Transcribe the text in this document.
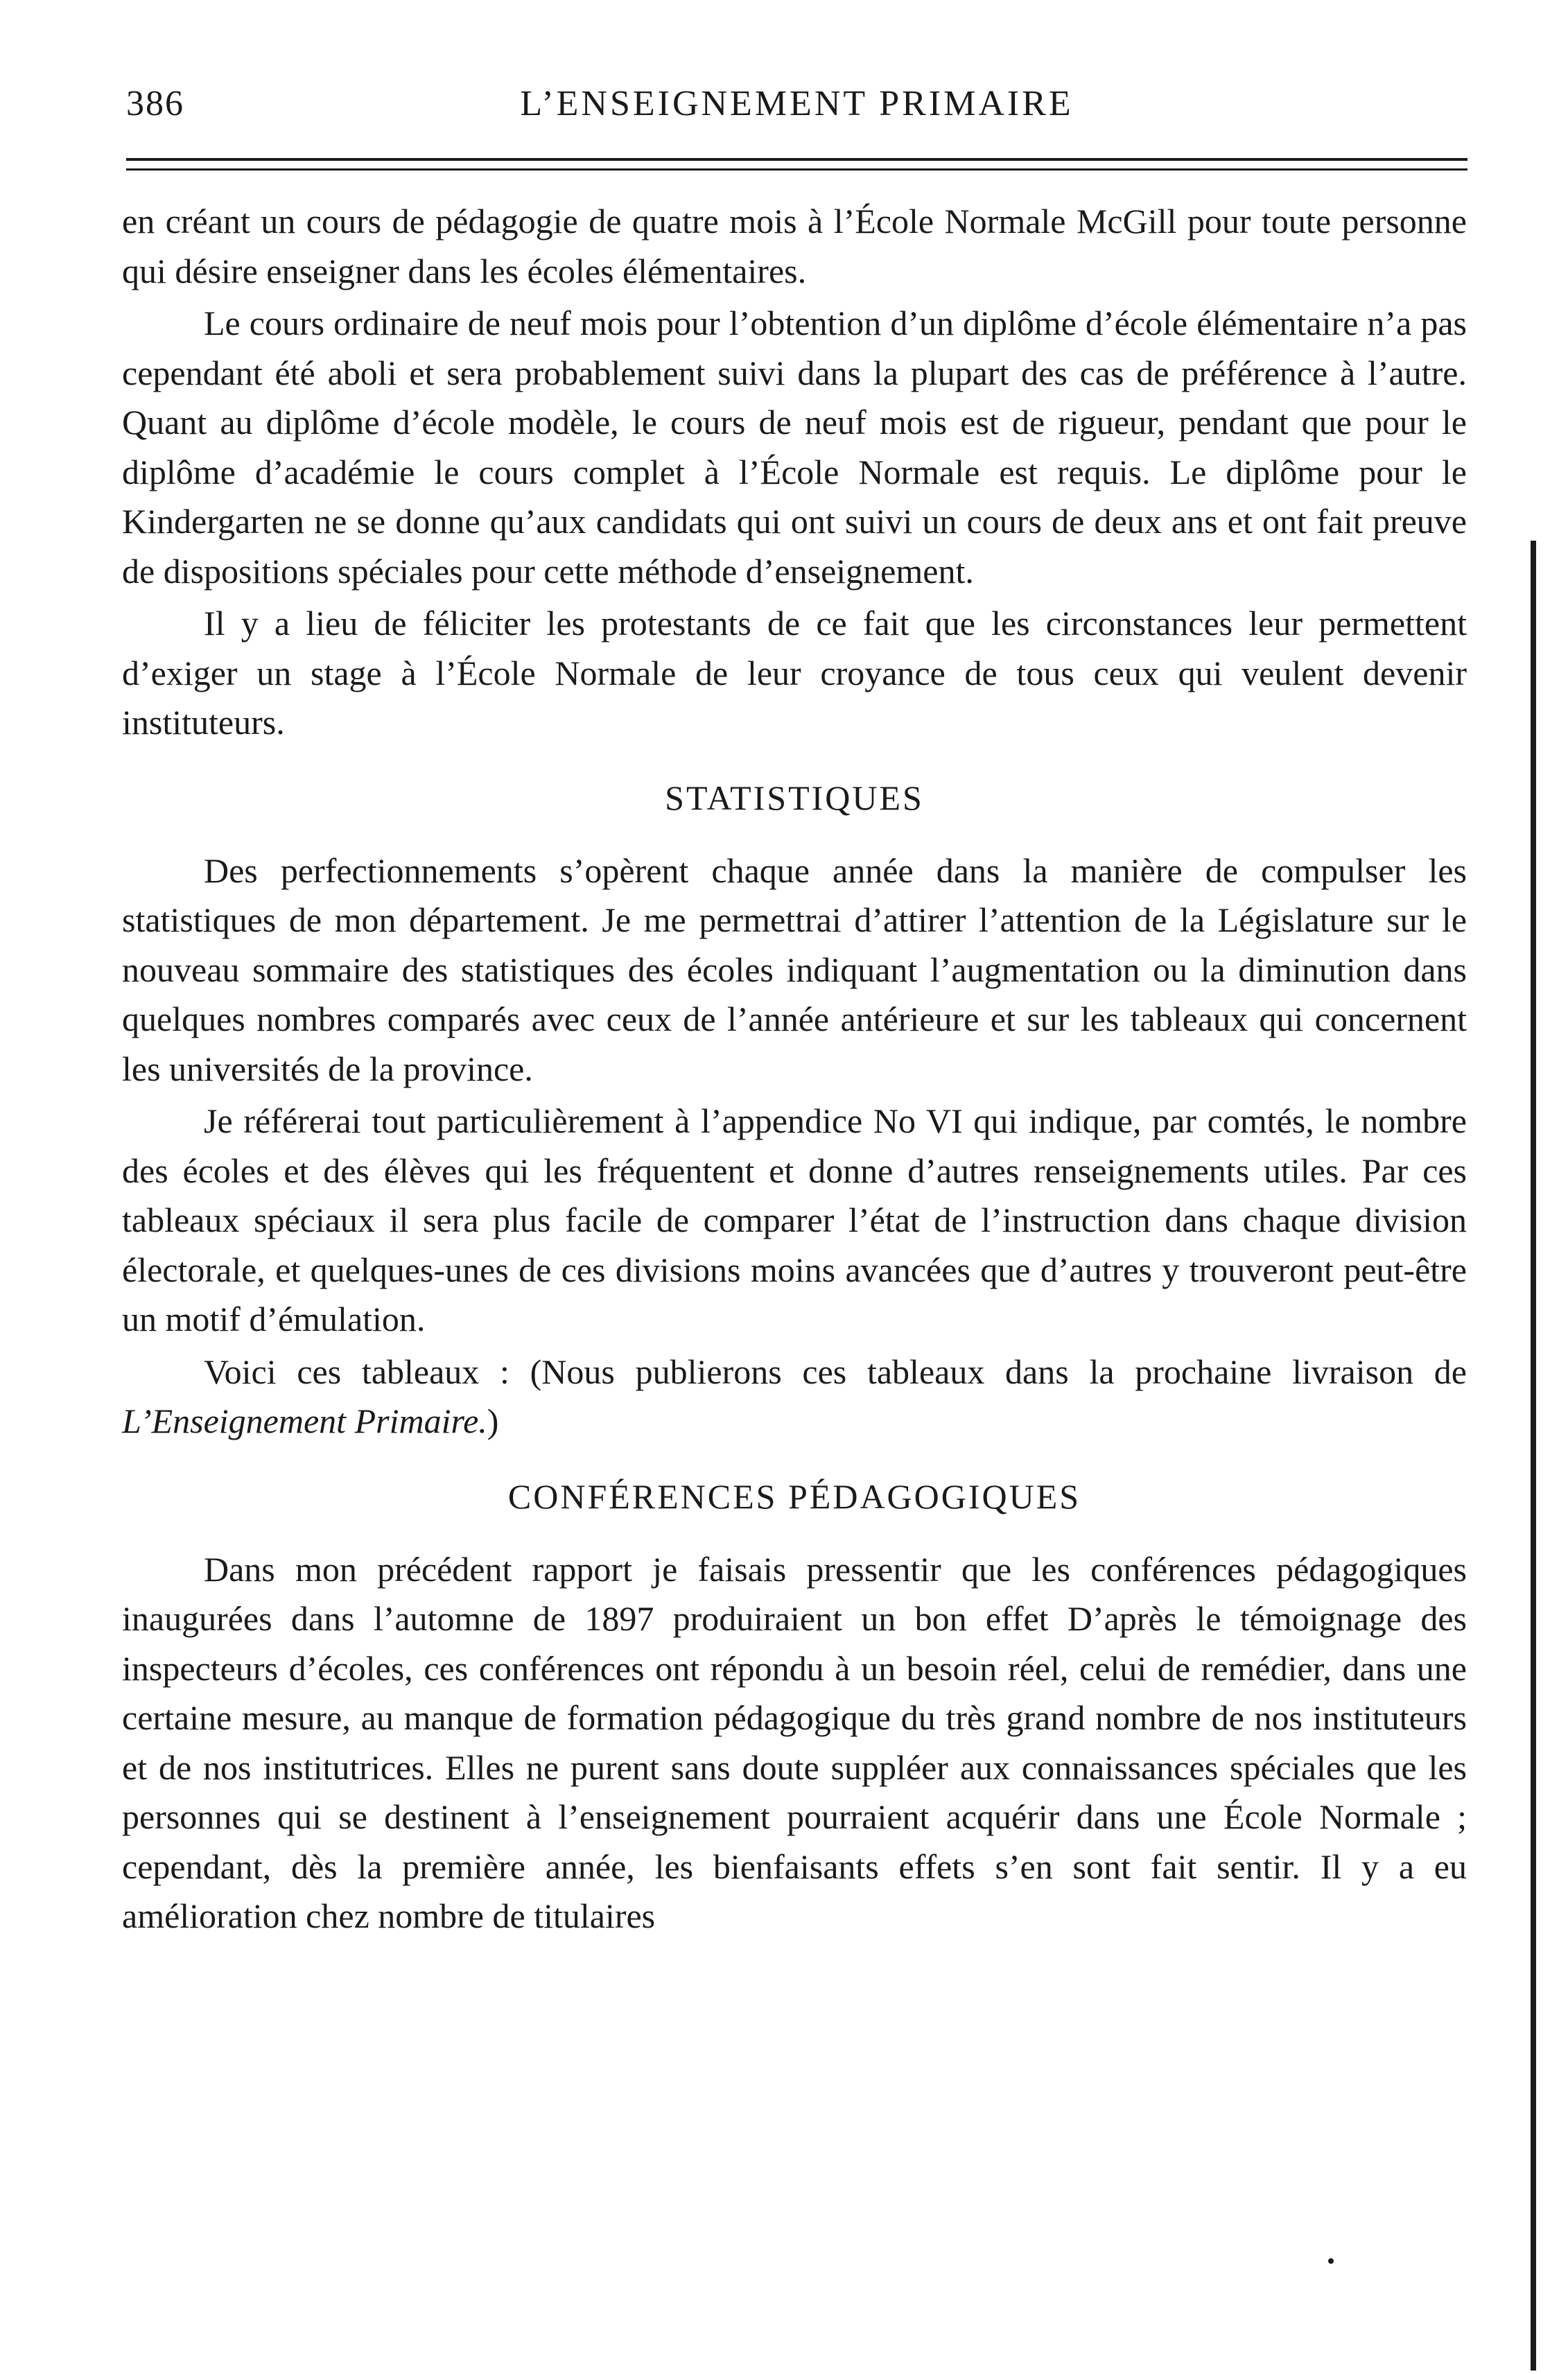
386	L’ENSEIGNEMENT PRIMAIRE

en créant un cours de pédagogie de quatre mois à l’École Normale McGill pour toute personne qui désire enseigner dans les écoles élémentaires.

Le cours ordinaire de neuf mois pour l’obtention d’un diplôme d’école élémentaire n’a pas cependant été aboli et sera probablement suivi dans la plupart des cas de préférence à l’autre. Quant au diplôme d’école modèle, le cours de neuf mois est de rigueur, pendant que pour le diplôme d’académie le cours complet à l’École Normale est requis. Le diplôme pour le Kindergarten ne se donne qu’aux candidats qui ont suivi un cours de deux ans et ont fait preuve de dispositions spéciales pour cette méthode d’enseignement.

Il y a lieu de féliciter les protestants de ce fait que les circonstances leur permettent d’exiger un stage à l’École Normale de leur croyance de tous ceux qui veulent devenir instituteurs.

STATISTIQUES

Des perfectionnements s’opèrent chaque année dans la manière de compulser les statistiques de mon département. Je me permettrai d’attirer l’attention de la Législature sur le nouveau sommaire des statistiques des écoles indiquant l’augmentation ou la diminution dans quelques nombres comparés avec ceux de l’année antérieure et sur les tableaux qui concernent les universités de la province.

Je référerai tout particulièrement à l’appendice No VI qui indique, par comtés, le nombre des écoles et des élèves qui les fréquentent et donne d’autres renseignements utiles. Par ces tableaux spéciaux il sera plus facile de comparer l’état de l’instruction dans chaque division électorale, et quelques-unes de ces divisions moins avancées que d’autres y trouveront peut-être un motif d’émulation.

Voici ces tableaux : (Nous publierons ces tableaux dans la prochaine livraison de L’Enseignement Primaire.)

CONFÉRENCES PÉDAGOGIQUES

Dans mon précédent rapport je faisais pressentir que les conférences pédagogiques inaugurées dans l’automne de 1897 produiraient un bon effet D’après le témoignage des inspecteurs d’écoles, ces conférences ont répondu à un besoin réel, celui de remédier, dans une certaine mesure, au manque de formation pédagogique du très grand nombre de nos instituteurs et de nos institutrices. Elles ne purent sans doute suppléer aux connaissances spéciales que les personnes qui se destinent à l’enseignement pourraient acquérir dans une École Normale ; cependant, dès la première année, les bienfaisants effets s’en sont fait sentir. Il y a eu amélioration chez nombre de titulaires
